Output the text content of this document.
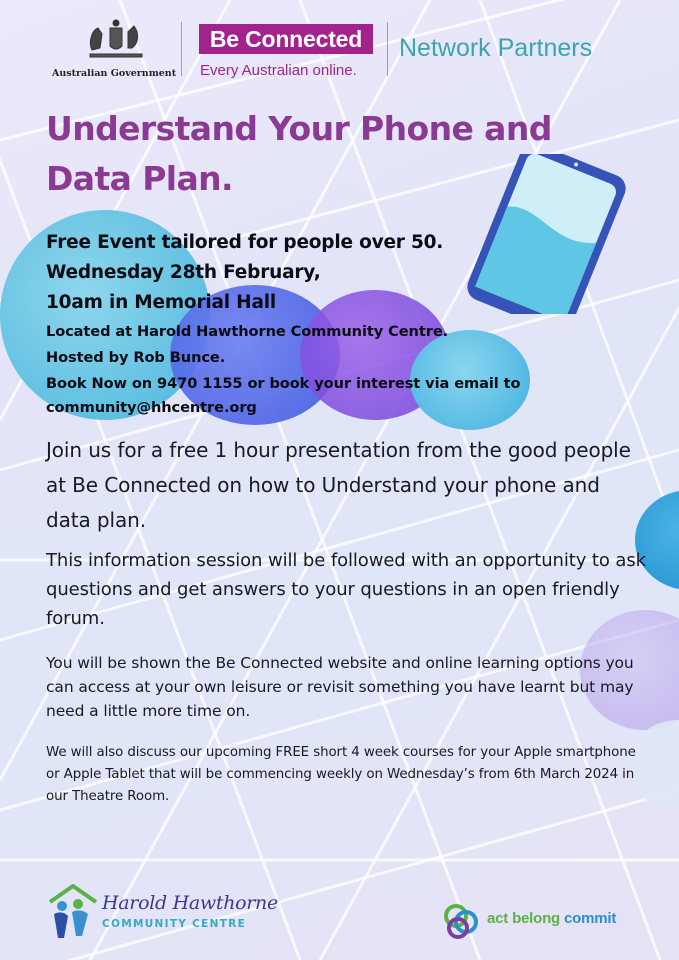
Australian Government
Be Connected
Every Australian online.
Network Partners
Understand Your Phone and
Data Plan.
Free Event tailored for people over 50.
Wednesday 28th February,
10am in Memorial Hall
Located at Harold Hawthorne Community Centre.
Hosted by Rob Bunce.
Book Now on 9470 1155 or book your interest via email to
community@hhcentre.org
Join us for a free 1 hour presentation from the good people at Be Connected on how to Understand your phone and data plan.
This information session will be followed with an opportunity to ask questions and get answers to your questions in an open friendly forum.
You will be shown the Be Connected website and online learning options you can access at your own leisure or revisit something you have learnt but may need a little more time on.
We will also discuss our upcoming FREE short 4 week courses for your Apple smartphone or Apple Tablet that will be commencing weekly on Wednesday’s from 6th March 2024 in our Theatre Room.
Harold Hawthorne
COMMUNITY CENTRE	act belong commit
